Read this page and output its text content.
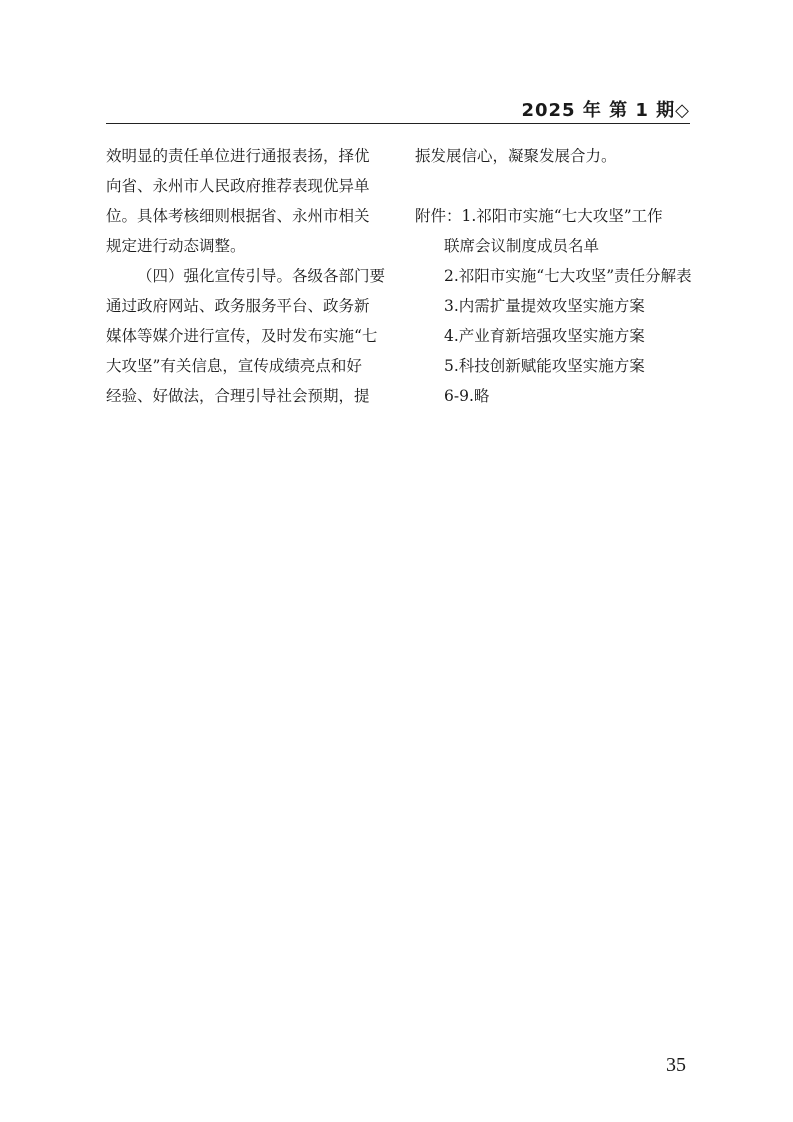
2025 年 第 1 期◇
效明显的责任单位进行通报表扬，择优
向省、永州市人民政府推荐表现优异单
位。具体考核细则根据省、永州市相关
规定进行动态调整。
（四）强化宣传引导。各级各部门要
通过政府网站、政务服务平台、政务新
媒体等媒介进行宣传，及时发布实施“七
大攻坚”有关信息，宣传成绩亮点和好
经验、好做法，合理引导社会预期，提
振发展信心，凝聚发展合力。
附件：1.祁阳市实施“七大攻坚”工作
联席会议制度成员名单
2.祁阳市实施“七大攻坚”责任分解表
3.内需扩量提效攻坚实施方案
4.产业育新培强攻坚实施方案
5.科技创新赋能攻坚实施方案
6-9.略
35
